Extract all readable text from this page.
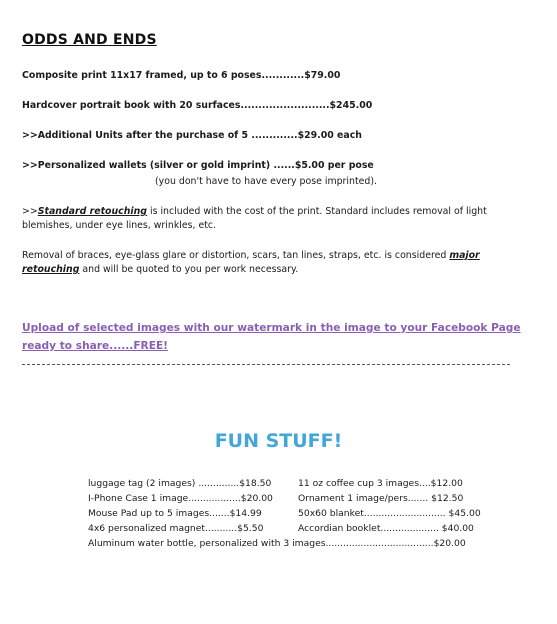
ODDS AND ENDS
Composite print 11x17 framed, up to 6 poses............$79.00
Hardcover portrait book with 20 surfaces.........................$245.00
>>Additional Units after the purchase of 5 .............$29.00 each
>>Personalized wallets (silver or gold imprint) ......$5.00 per pose
(you don't have to have every pose imprinted).
>>Standard retouching is included with the cost of the print. Standard includes removal of light
blemishes, under eye lines, wrinkles, etc.
Removal of braces, eye-glass glare or distortion, scars, tan lines, straps, etc. is considered major
retouching and will be quoted to you per work necessary.
Upload of selected images with our watermark in the image to your Facebook Page
ready to share......FREE!
FUN STUFF!
luggage tag (2 images) ..............$18.50
I-Phone Case 1 image..................$20.00
Mouse Pad up to 5 images.......$14.99
4x6 personalized magnet...........$5.50
Aluminum water bottle, personalized with 3 images.....................................$20.00
11 oz coffee cup 3 images....$12.00
Ornament 1 image/pers....... $12.50
50x60 blanket............................ $45.00
Accordian booklet.................... $40.00
